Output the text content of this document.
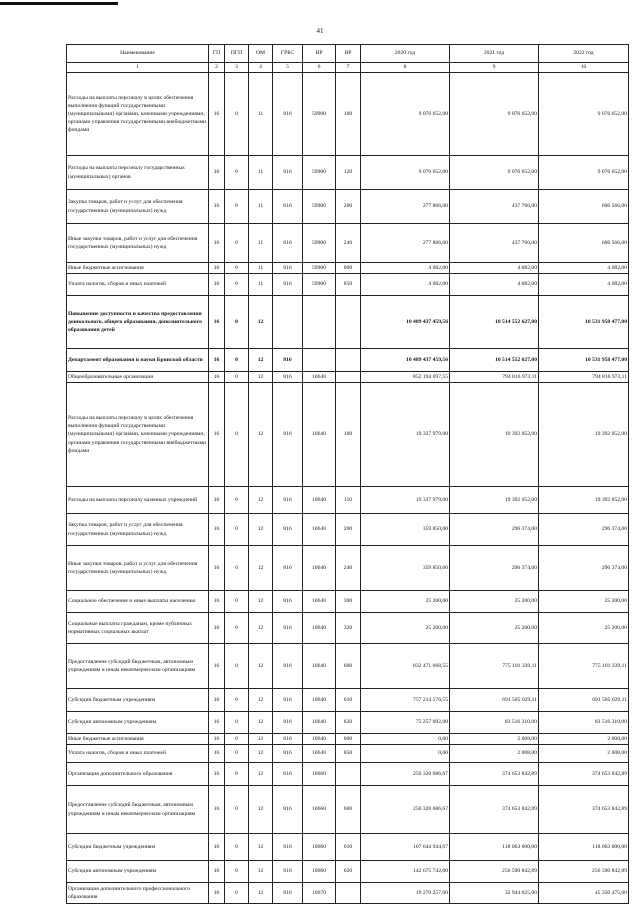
41
Наименование	ГП	ПГП	ОМ	ГРБС	НР	ВР	2020 год	2021 год	2022 год
1	2	3	4	5	6	7	8	9	10
Расходы на выплаты персоналу в целях обеспечения выполнения функций государственными (муниципальными) органами, казенными учреждениями, органами управления государственными внебюджетными фондами	16	0	11	816	59900	100	9 076 652,00	9 076 652,00	9 076 652,00
Расходы на выплаты персоналу государственных (муниципальных) органов	16	0	11	816	59900	120	9 076 652,00	9 076 652,00	9 076 652,00
Закупка товаров, работ и услуг для обеспечения государственных (муниципальных) нужд	16	0	11	816	59900	200	277 866,00	437 766,00	606 566,00
Иные закупки товаров, работ и услуг для обеспечения государственных (муниципальных) нужд	16	0	11	816	59900	240	277 866,00	437 766,00	606 566,00
Иные бюджетные ассигнования	16	0	11	816	59900	800	4 082,00	4 082,00	4 082,00
Уплата налогов, сборов и иных платежей	16	0	11	816	59900	850	4 082,00	4 082,00	4 082,00
Повышение доступности и качества предоставления дошкольного, общего образования, дополнительного образования детей	16	0	12				10 489 437 459,56	10 514 552 627,00	10 531 958 477,00
Департамент образования и науки Брянской области	16	0	12	816			10 489 437 459,56	10 514 552 627,00	10 531 958 477,00
Общеобразовательные организации	16	0	12	816	10640		852 194 697,55	794 816 973,11	794 816 973,11
Расходы на выплаты персоналу в целях обеспечения выполнения функций государственными (муниципальными) органами, казенными учреждениями, органами управления государственными внебюджетными фондами	16	0	12	816	10640	100	19 337 979,00	19 392 052,00	19 392 052,00
Расходы на выплаты персоналу казенных учреждений	16	0	12	816	10640	110	19 337 979,00	19 392 052,00	19 392 052,00
Закупка товаров, работ и услуг для обеспечения государственных (муниципальных) нужд	16	0	12	816	10640	200	359 850,00	296 374,00	296 374,00
Иные закупки товаров, работ и услуг для обеспечения государственных (муниципальных) нужд	16	0	12	816	10640	240	359 850,00	296 374,00	296 374,00
Социальное обеспечение и иные выплаты населению	16	0	12	816	10640	300	25 200,00	25 200,00	25 200,00
Социальные выплаты гражданам, кроме публичных нормативных социальных выплат	16	0	12	816	10640	320	25 200,00	25 200,00	25 200,00
Предоставление субсидий бюджетным, автономным учреждениям и иным некоммерческим организациям	16	0	12	816	10640	600	832 471 668,55	775 101 339,11	775 101 339,11
Субсидии бюджетным учреждениям	16	0	12	816	10640	610	757 214 576,55	691 585 029,11	691 585 029,11
Субсидии автономным учреждениям	16	0	12	816	10640	620	75 257 092,00	83 516 310,00	83 516 310,00
Иные бюджетные ассигнования	16	0	12	816	10640	800	0,00	2 008,00	2 008,00
Уплата налогов, сборов и иных платежей	16	0	12	816	10640	850	0,00	2 008,00	2 008,00
Организация дополнительного образования	16	0	12	816	10660		250 320 686,67	374 653 842,89	374 653 842,89
Предоставление субсидий бюджетным, автономным учреждениям и иным некоммерческим организациям	16	0	12	816	10660	600	250 320 686,67	374 653 842,89	374 653 842,89
Субсидии бюджетным учреждениям	16	0	12	816	10660	610	107 644 944,67	118 063 000,00	118 063 000,00
Субсидии автономным учреждениям	16	0	12	816	10660	620	142 675 742,00	256 590 842,89	256 590 842,89
Организация дополнительного профессионального образования	16	0	12	816	10670		19 270 257,00	32 944 625,00	45 350 475,00
